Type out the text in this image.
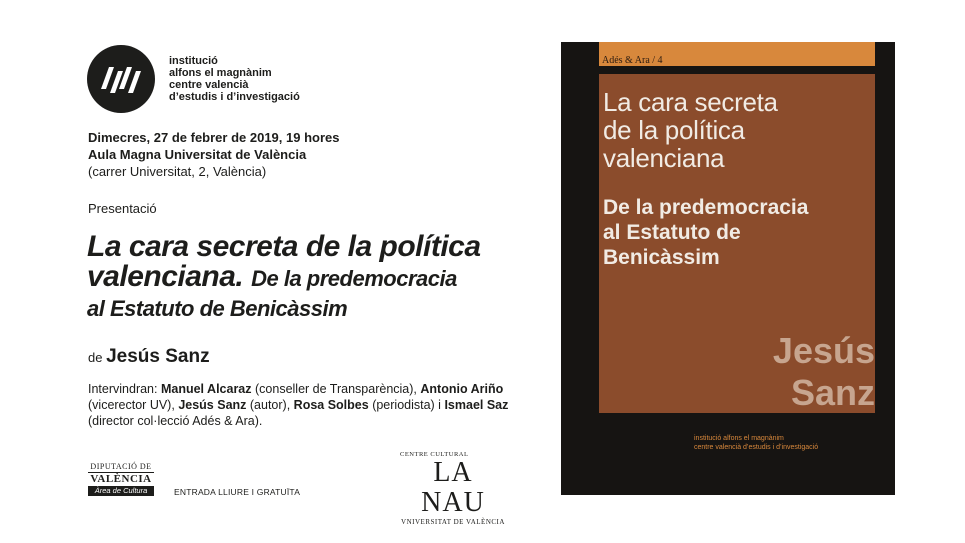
institució
alfons el magnànim
centre valencià
d’estudis i d’investigació
Dimecres, 27 de febrer de 2019, 19 hores
Aula Magna Universitat de València
(carrer Universitat, 2, València)
Presentació
La cara secreta de la política
valenciana. De la predemocracia
al Estatuto de Benicàssim
de Jesús Sanz
Intervindran: Manuel Alcaraz (conseller de Transparència), Antonio Ariño
(vicerector UV), Jesús Sanz (autor), Rosa Solbes (periodista) i Ismael Saz
(director col·lecció Adés & Ara).
DIPUTACIÓ DE
VALÈNCIA
Àrea de Cultura	ENTRADA LLIURE I GRATUÏTA
CENTRE CULTURAL
LA NAU
VNIVERSITAT DE VALÈNCIA
Adés & Ara / 4
La cara secreta
de la política
valenciana
De la predemocracia
al Estatuto de
Benicàssim
Jesús
Sanz
institució alfons el magnànim
centre valencià d’estudis i d’investigació
